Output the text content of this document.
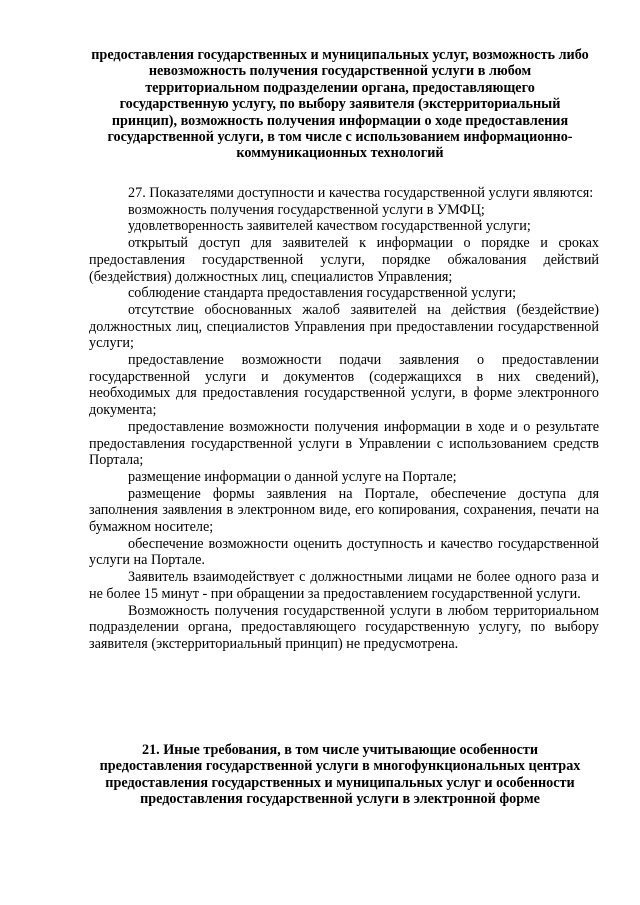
предоставления государственных и муниципальных услуг, возможность либо невозможность получения государственной услуги в любом территориальном подразделении органа, предоставляющего государственную услугу, по выбору заявителя (экстерриториальный принцип), возможность получения информации о ходе предоставления государственной услуги, в том числе с использованием информационно-коммуникационных технологий

27. Показателями доступности и качества государственной услуги являются:

возможность получения государственной услуги в УМФЦ;

удовлетворенность заявителей качеством государственной услуги;

открытый доступ для заявителей к информации о порядке и сроках предоставления государственной услуги, порядке обжалования действий (бездействия) должностных лиц, специалистов Управления;

соблюдение стандарта предоставления государственной услуги;

отсутствие обоснованных жалоб заявителей на действия (бездействие) должностных лиц, специалистов Управления при предоставлении государственной услуги;

предоставление возможности подачи заявления о предоставлении государственной услуги и документов (содержащихся в них сведений), необходимых для предоставления государственной услуги, в форме электронного документа;

предоставление возможности получения информации в ходе и о результате предоставления государственной услуги в Управлении с использованием средств Портала;

размещение информации о данной услуге на Портале;

размещение формы заявления на Портале, обеспечение доступа для заполнения заявления в электронном виде, его копирования, сохранения, печати на бумажном носителе;

обеспечение возможности оценить доступность и качество государственной услуги на Портале.

Заявитель взаимодействует с должностными лицами не более одного раза и не более 15 минут - при обращении за предоставлением государственной услуги.

Возможность получения государственной услуги в любом территориальном подразделении органа, предоставляющего государственную услугу, по выбору заявителя (экстерриториальный принцип) не предусмотрена.

21. Иные требования, в том числе учитывающие особенности предоставления государственной услуги в многофункциональных центрах предоставления государственных и муниципальных услуг и особенности предоставления государственной услуги в электронной форме
